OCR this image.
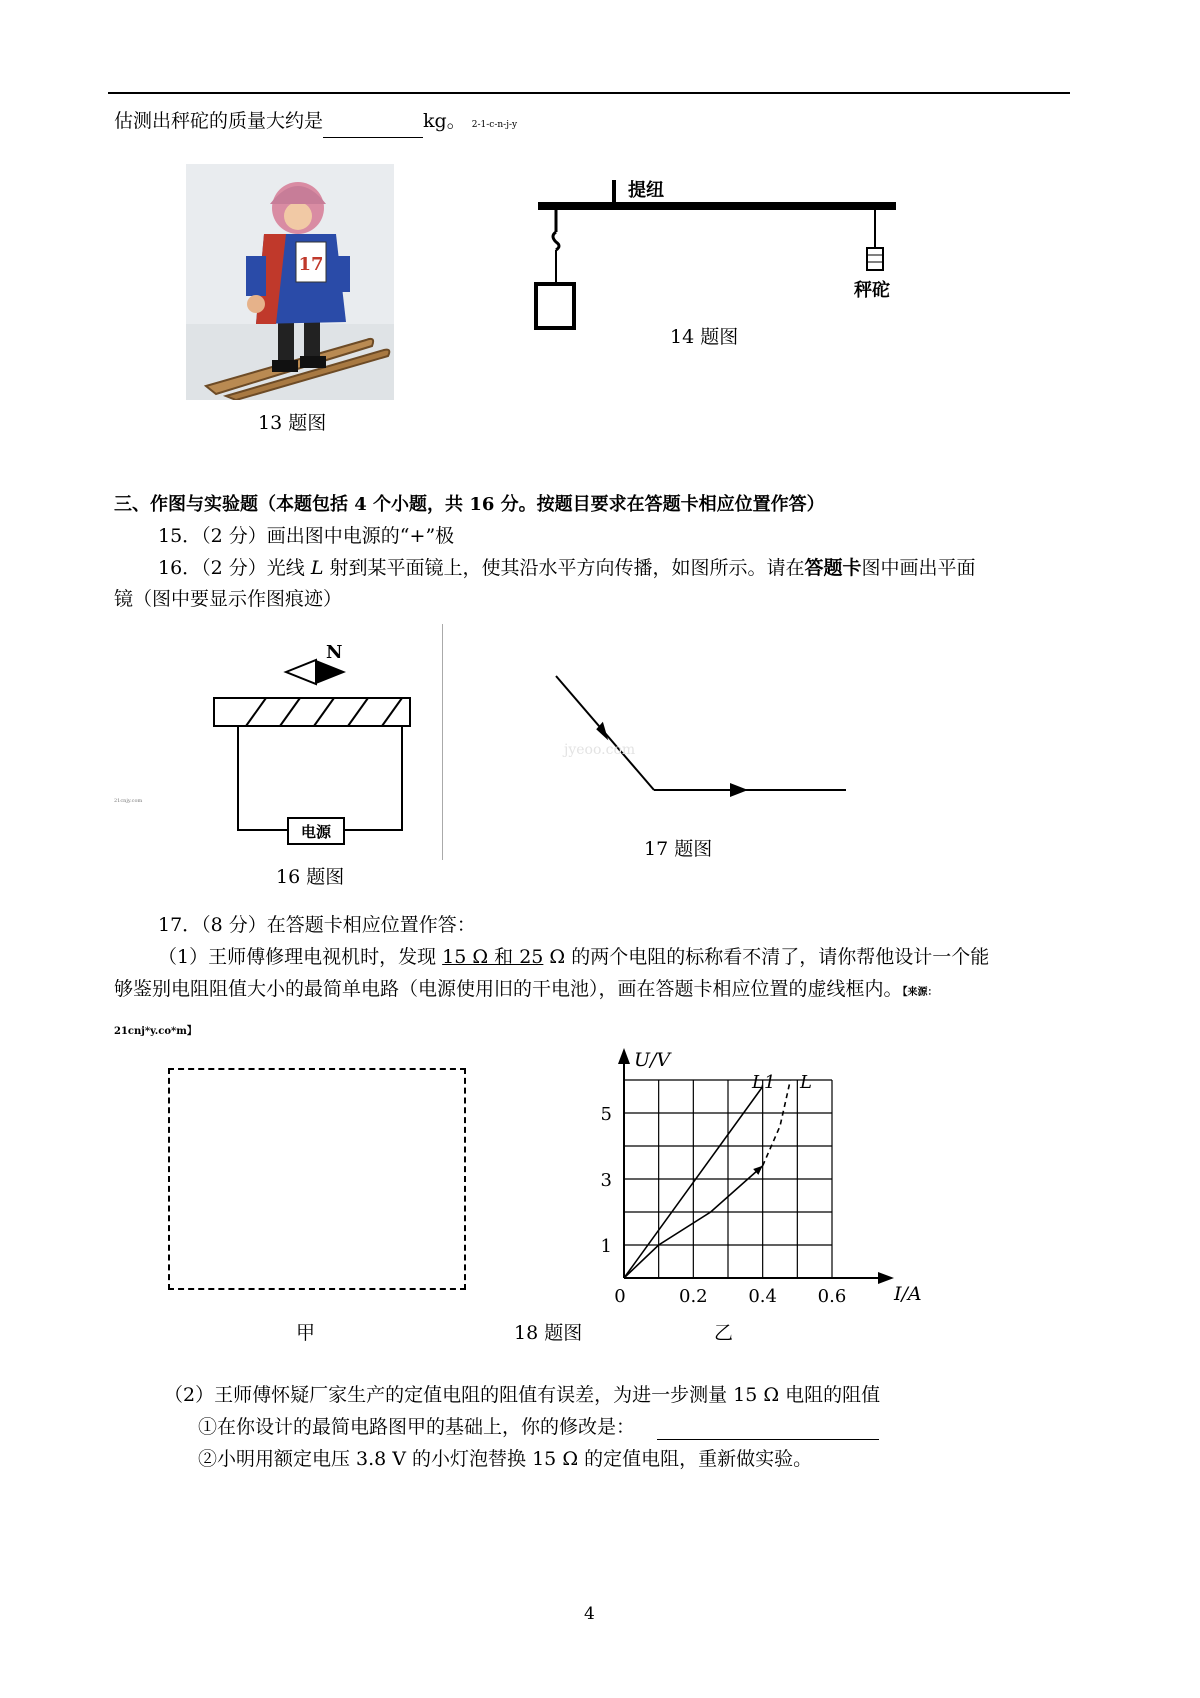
估测出秤砣的质量大约是	kg。 2-1-c-n-j-y
17
13 题图
提纽
秤砣
14 题图
三、作图与实验题（本题包括 4 个小题，共 16 分。按题目要求在答题卡相应位置作答）
15．（2 分）画出图中电源的“+”极
16．（2 分）光线 L 射到某平面镜上，使其沿水平方向传播，如图所示。请在答题卡图中画出平面
镜（图中要显示作图痕迹）
N
电源
21cnjy.com
16 题图
jyeoo.com
17 题图
17．（8 分）在答题卡相应位置作答：
（1）王师傅修理电视机时，发现 15 Ω 和 25 Ω 的两个电阻的标称看不清了，请你帮他设计一个能
够鉴别电阻阻值大小的最简单电路（电源使用旧的干电池），画在答题卡相应位置的虚线框内。【来源：
21cnj*y.co*m】
甲
0	0.2 0.4 0.6
1
3
5
U/V
I/A
L1 L
18 题图	乙
（2）王师傅怀疑厂家生产的定值电阻的阻值有误差，为进一步测量 15 Ω 电阻的阻值
①在你设计的最简电路图甲的基础上，你的修改是：
②小明用额定电压 3.8 V 的小灯泡替换 15 Ω 的定值电阻，重新做实验。
4
